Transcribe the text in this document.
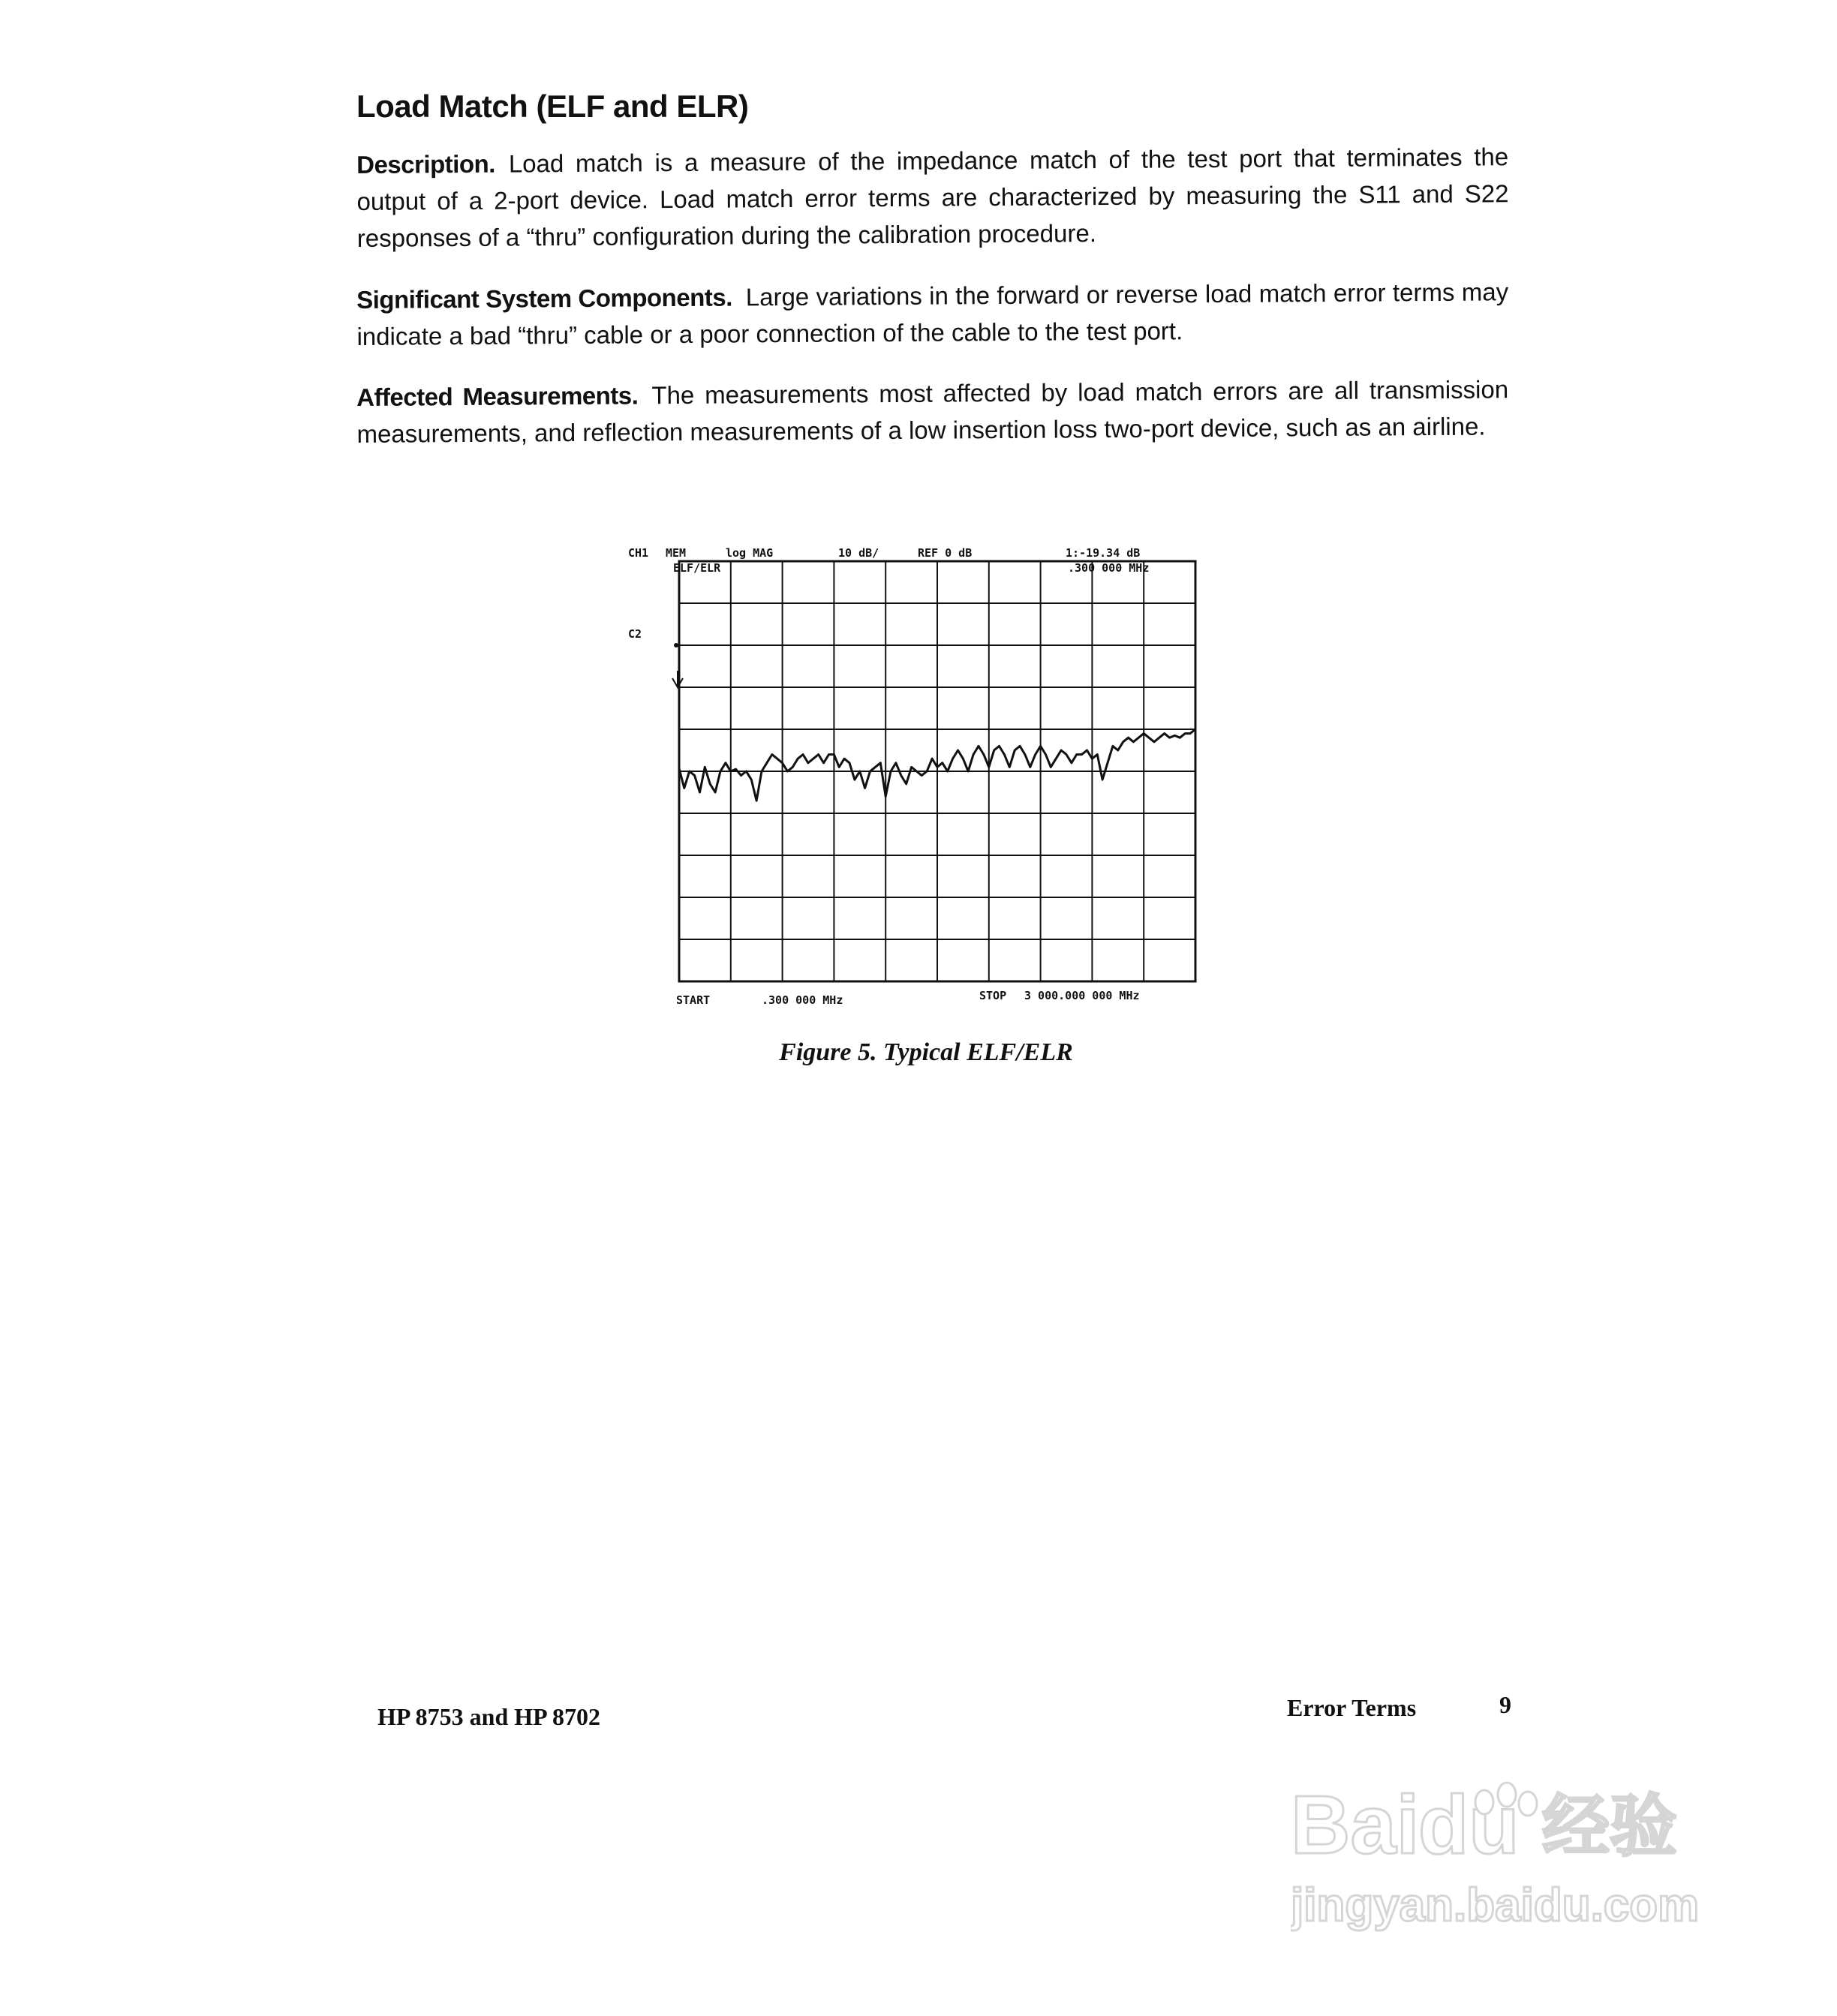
Load Match (ELF and ELR)
Description. Load match is a measure of the impedance match of the test port that terminates the output of a 2-port device. Load match error terms are characterized by measuring the S11 and S22 responses of a “thru” configuration during the calibration procedure.
Significant System Components. Large variations in the forward or reverse load match error terms may indicate a bad “thru” cable or a poor connection of the cable to the test port.
Affected Measurements. The measurements most affected by load match errors are all transmission measurements, and reflection measurements of a low insertion loss two-port device, such as an airline.
CH1 MEM	log MAG	10 dB/	REF 0 dB	1:-19.34 dB
.300 000 MHz
ELF/ELR
C2
START	.300 000 MHz	STOP 3 000.000 000 MHz
Figure 5. Typical ELF/ELR
HP 8753 and HP 8702	Error Terms	9
Bai
du 经验
jingyan.baidu.com
